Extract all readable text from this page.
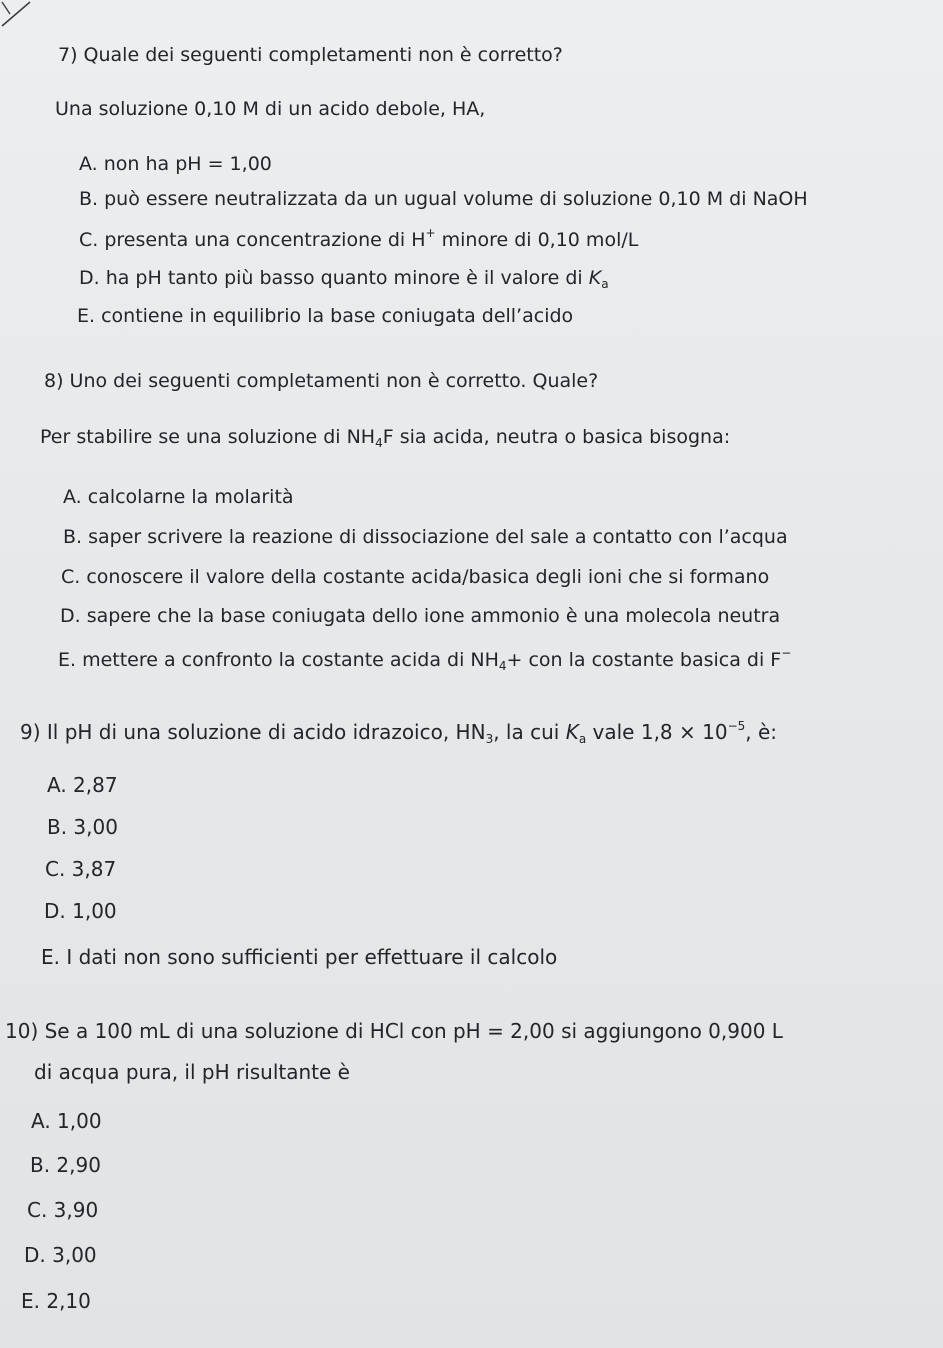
7) Quale dei seguenti completamenti non è corretto?
Una soluzione 0,10 M di un acido debole, HA,
A. non ha pH = 1,00
B. può essere neutralizzata da un ugual volume di soluzione 0,10 M di NaOH
C. presenta una concentrazione di H+ minore di 0,10 mol/L
D. ha pH tanto più basso quanto minore è il valore di $K_a$
E. contiene in equilibrio la base coniugata dell’acido
8) Uno dei seguenti completamenti non è corretto. Quale?
Per stabilire se una soluzione di $NH_4F$ sia acida, neutra o basica bisogna:
A. calcolarne la molarità
B. saper scrivere la reazione di dissociazione del sale a contatto con l’acqua
C. conoscere il valore della costante acida/basica degli ioni che si formano
D. sapere che la base coniugata dello ione ammonio è una molecola neutra
E. mettere a confronto la costante acida di $NH_4+$ con la costante basica di F−
9) Il pH di una soluzione di acido idrazoico, $HN_3$, la cui $K_a$ vale $1,8 \times 10^{-5}$, è:
A. 2,87
B. 3,00
C. 3,87
D. 1,00
E. I dati non sono sufficienti per effettuare il calcolo
10) Se a 100 mL di una soluzione di HCl con pH = 2,00 si aggiungono 0,900 L
di acqua pura, il pH risultante è
A. 1,00
B. 2,90
C. 3,90
D. 3,00
E. 2,10
